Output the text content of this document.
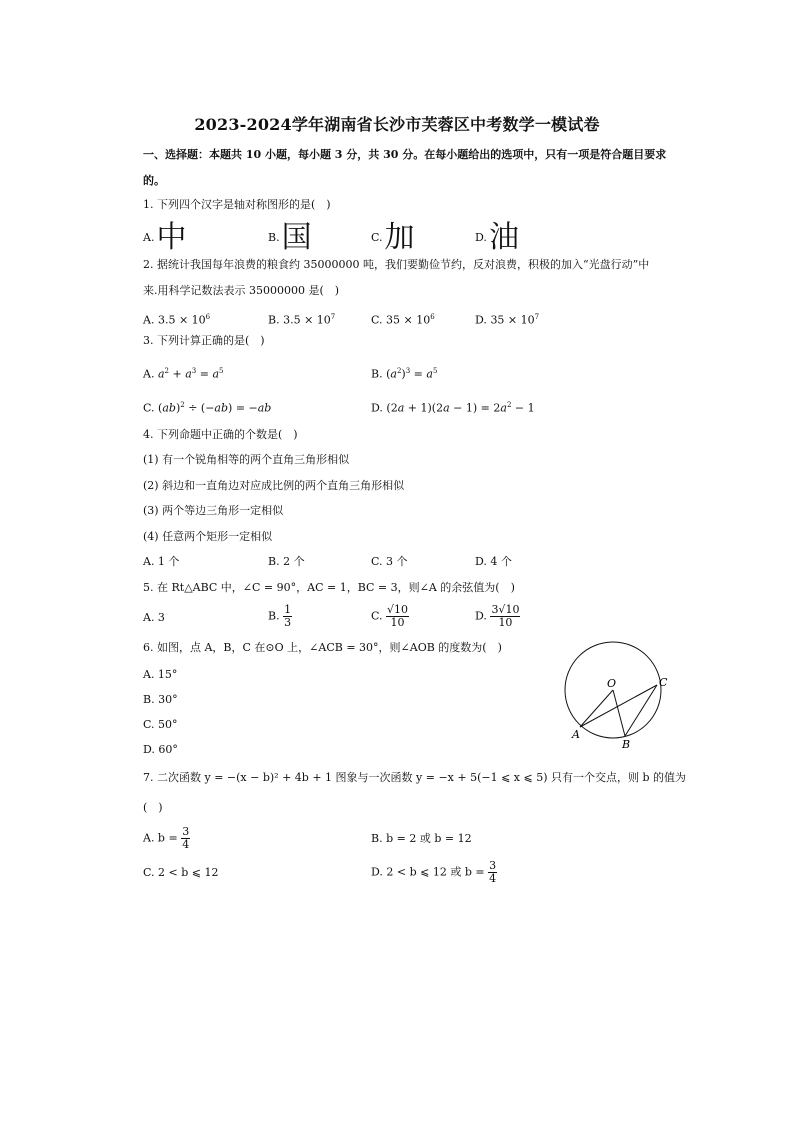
2023-2024学年湖南省长沙市芙蓉区中考数学一模试卷
一、选择题：本题共 10 小题，每小题 3 分，共 30 分。在每小题给出的选项中，只有一项是符合题目要求
的。
1. 下列四个汉字是轴对称图形的是(　)
A.中	B.国	C.加	D.油
2. 据统计我国每年浪费的粮食约 35000000 吨，我们要勤俭节约，反对浪费，积极的加入“光盘行动”中
来.用科学记数法表示 35000000 是(　)
A. $3.5 \times 10^6$	B. $3.5 \times 10^7$	C. $35 \times 10^6$	D. $35 \times 10^7$
3. 下列计算正确的是(　)
A. $a^2 + a^3 = a^5$	B. $(a^2)^3 = a^5$
C. (ab)$^2$ ÷ (−ab) = −ab	D. $(2a + 1)(2a - 1) = 2a^2 - 1$
4. 下列命题中正确的个数是(　)
(1) 有一个锐角相等的两个直角三角形相似
(2) 斜边和一直角边对应成比例的两个直角三角形相似
(3) 两个等边三角形一定相似
(4) 任意两个矩形一定相似
A. 1 个	B. 2 个	C. 3 个	D. 4 个
5. 在 Rt△ABC 中，∠C = 90°，AC = 1，BC = 3，则∠A 的余弦值为(　)
A. 3	B. $\frac{1}{3}$	C. $\frac{√10}{10}$	D. $\frac{3√10}{10}$
6. 如图，点 A，B，C 在⊙O 上，∠ACB = 30°，则∠AOB 的度数为(　)
A. 15°
B. 30°
C. 50°
D. 60°
O
A
B
C
7. 二次函数 y = −(x − b)² + 4b + 1 图象与一次函数 y = −x + 5(−1 ⩽ x ⩽ 5) 只有一个交点，则 b 的值为
(　)
A. $b = \frac{3}{4}$	B. b = 2 或 b = 12
C. 2 < b ⩽ 12	D. 2 < b ⩽ 12 或 $b = \frac{3}{4}$
